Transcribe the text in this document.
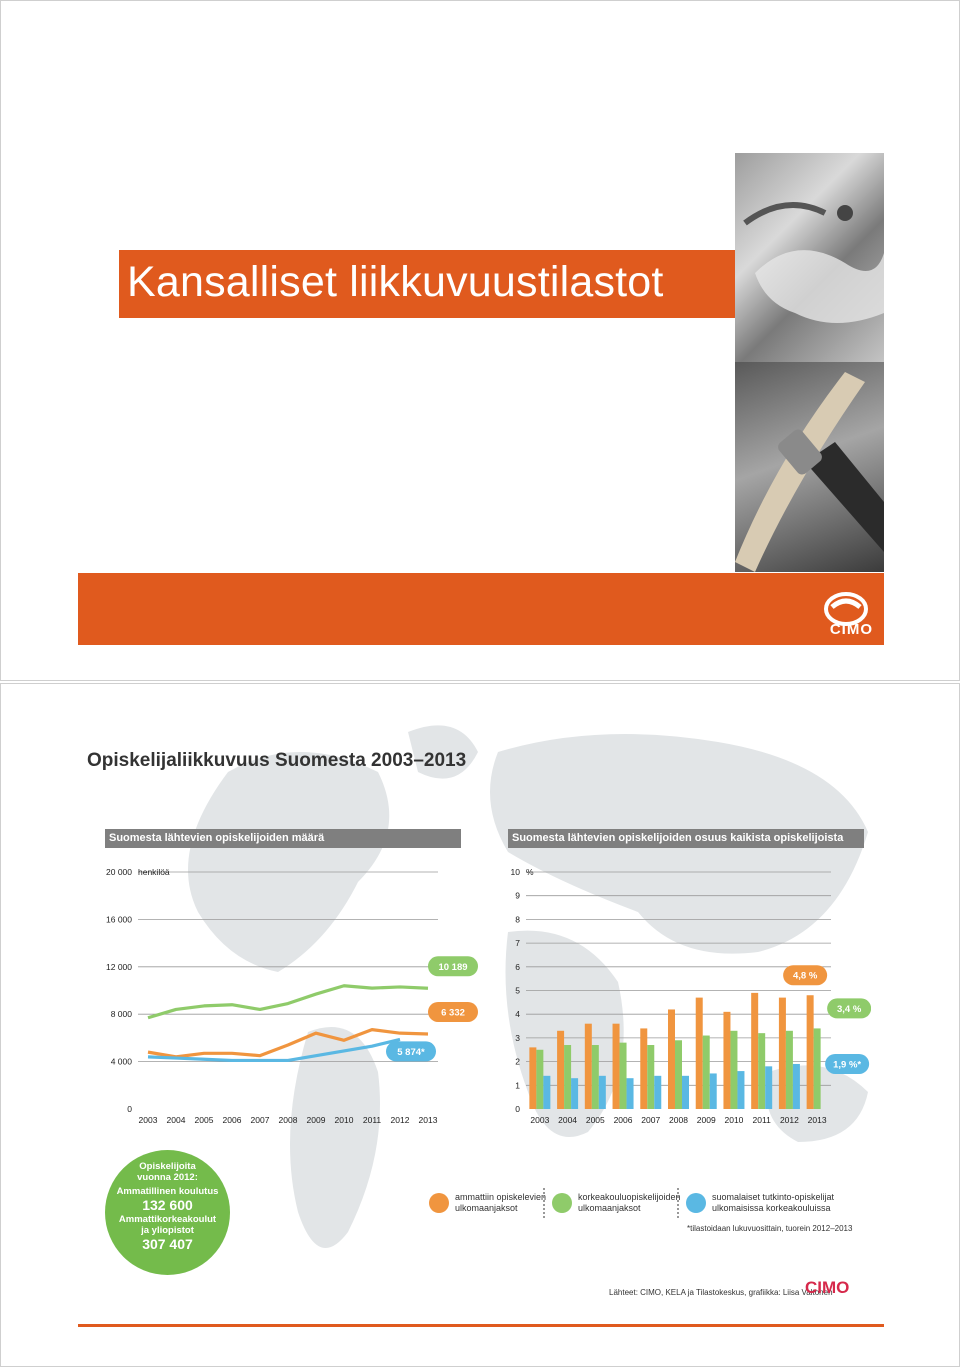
Kansalliset liikkuvuustilastot
CIMO
Opiskelijaliikkuvuus Suomesta 2003–2013
Suomesta lähtevien opiskelijoiden määrä	Suomesta lähtevien opiskelijoiden osuus kaikista opiskelijoista
0
4 000
8 000
12 000
16 000
20 000 henkilöä
2003 2004 2005 2006 2007 2008 2009 2010 2011 2012 2013
10 189
6 332
5 874*
0
1
2
3
4
5
6
7
8
9
10 %
2003 2004 2005 2006 2007 2008 2009 2010 2011 2012 2013
4,8 %
3,4 %
1,9 %*
Opiskelijoita
vuonna 2012:
Ammatillinen koulutus
132 600
Ammattikorkeakoulut
ja yliopistot
307 407
ammattiin opiskelevien
ulkomaanjaksot
korkeakouluopiskelijoiden
ulkomaanjaksot
suomalaiset tutkinto-opiskelijat
ulkomaisissa korkeakouluissa
*tilastoidaan lukuvuosittain, tuorein 2012–2013
Lähteet: CIMO, KELA ja Tilastokeskus, grafiikka: Liisa Valtonen
CIMO
